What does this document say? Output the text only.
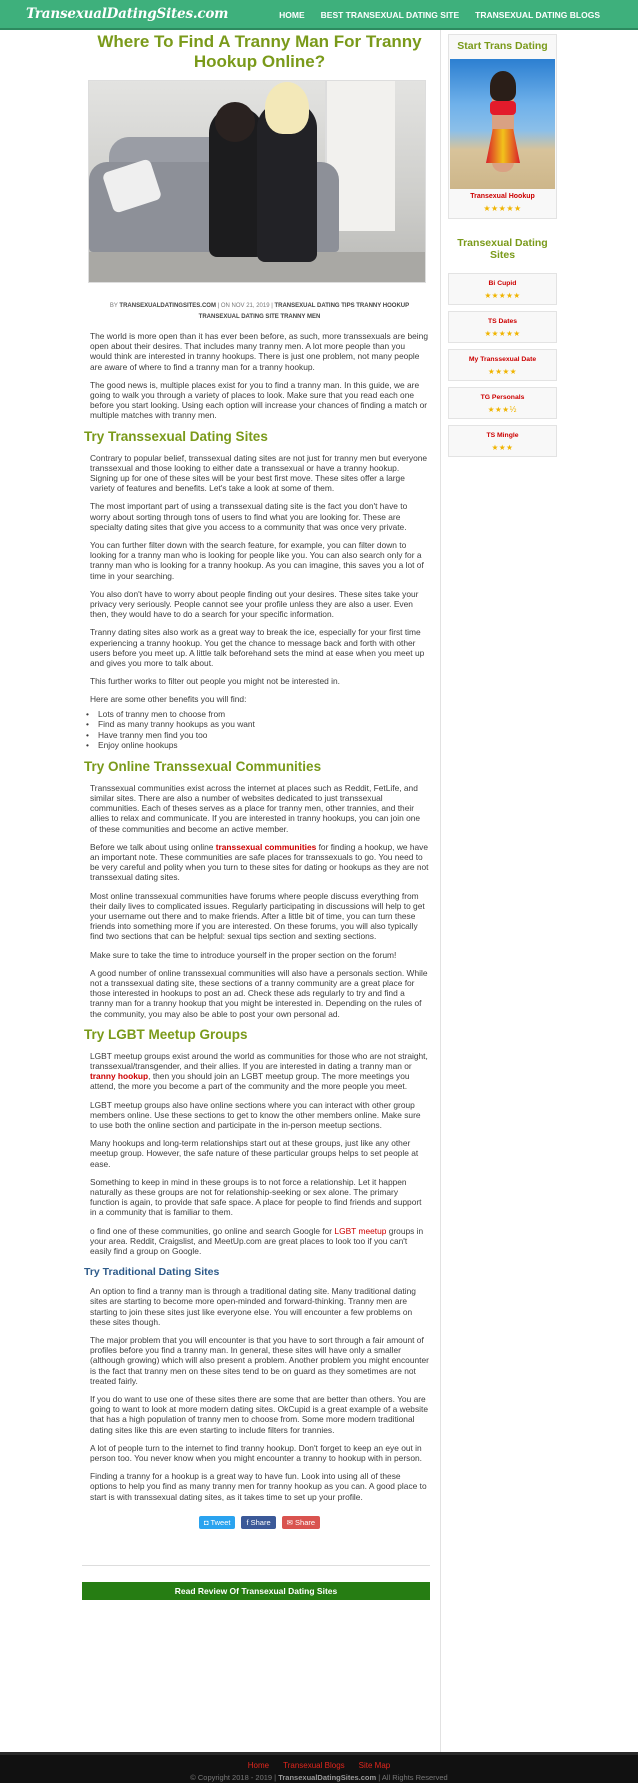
TransexualDatingSites.com	HOME BEST TRANSEXUAL DATING SITE TRANSEXUAL DATING BLOGS
Where To Find A Tranny Man For Tranny Hookup Online?
BY TRANSEXUALDATINGSITES.COM | ON NOV 21, 2019 | TRANSEXUAL DATING TIPS TRANNY HOOKUP TRANSEXUAL DATING SITE TRANNY MEN

The world is more open than it has ever been before, as such, more transsexuals are being open about their desires. That includes many tranny men. A lot more people than you would think are interested in tranny hookups. There is just one problem, not many people are aware of where to find a tranny man for a tranny hookup.

The good news is, multiple places exist for you to find a tranny man. In this guide, we are going to walk you through a variety of places to look. Make sure that you read each one before you start looking. Using each option will increase your chances of finding a match or multiple matches with tranny men.

Try Transsexual Dating Sites

Contrary to popular belief, transsexual dating sites are not just for tranny men but everyone transsexual and those looking to either date a transsexual or have a tranny hookup. Signing up for one of these sites will be your best first move. These sites offer a large variety of features and benefits. Let's take a look at some of them.

The most important part of using a transsexual dating site is the fact you don't have to worry about sorting through tons of users to find what you are looking for. These are specialty dating sites that give you access to a community that was once very private.

You can further filter down with the search feature, for example, you can filter down to looking for a tranny man who is looking for people like you. You can also search only for a tranny man who is looking for a tranny hookup. As you can imagine, this saves you a lot of time in your searching.

You also don't have to worry about people finding out your desires. These sites take your privacy very seriously. People cannot see your profile unless they are also a user. Even then, they would have to do a search for your specific information.

Tranny dating sites also work as a great way to break the ice, especially for your first time experiencing a tranny hookup. You get the chance to message back and forth with other users before you meet up. A little talk beforehand sets the mind at ease when you meet up and gives you more to talk about.

This further works to filter out people you might not be interested in.

Here are some other benefits you will find:

• Lots of tranny men to choose from
• Find as many tranny hookups as you want
• Have tranny men find you too
• Enjoy online hookups
Try Online Transsexual Communities

Transsexual communities exist across the internet at places such as Reddit, FetLife, and similar sites. There are also a number of websites dedicated to just transsexual communities. Each of theses serves as a place for tranny men, other trannies, and their allies to relax and communicate. If you are interested in tranny hookups, you can join one of these communities and become an active member.

Before we talk about using online transsexual communities for finding a hookup, we have an important note. These communities are safe places for transsexuals to go. You need to be very careful and polity when you turn to these sites for dating or hookups as they are not transsexual dating sites.

Most online transsexual communities have forums where people discuss everything from their daily lives to complicated issues. Regularly participating in discussions will help to get your username out there and to make friends. After a little bit of time, you can turn these friends into something more if you are interested. On these forums, you will also typically find two sections that can be helpful: sexual tips section and sexting sections.

Make sure to take the time to introduce yourself in the proper section on the forum!

A good number of online transsexual communities will also have a personals section. While not a transsexual dating site, these sections of a tranny community are a great place for those interested in hookups to post an ad. Check these ads regularly to try and find a tranny man for a tranny hookup that you might be interested in. Depending on the rules of the community, you may also be able to post your own personal ad.

Try LGBT Meetup Groups

LGBT meetup groups exist around the world as communities for those who are not straight, transsexual/transgender, and their allies. If you are interested in dating a tranny man or tranny hookup, then you should join an LGBT meetup group. The more meetings you attend, the more you become a part of the community and the more people you meet.

LGBT meetup groups also have online sections where you can interact with other group members online. Use these sections to get to know the other members online. Make sure to use both the online section and participate in the in-person meetup sections.

Many hookups and long-term relationships start out at these groups, just like any other meetup group. However, the safe nature of these particular groups helps to set people at ease.

Something to keep in mind in these groups is to not force a relationship. Let it happen naturally as these groups are not for relationship-seeking or sex alone. The primary function is again, to provide that safe space. A place for people to find friends and support in a community that is familiar to them.

o find one of these communities, go online and search Google for LGBT meetup groups in your area. Reddit, Craigslist, and MeetUp.com are great places to look too if you can't easily find a group on Google.

Try Traditional Dating Sites

An option to find a tranny man is through a traditional dating site. Many traditional dating sites are starting to become more open-minded and forward-thinking. Tranny men are starting to join these sites just like everyone else. You will encounter a few problems on these sites though.

The major problem that you will encounter is that you have to sort through a fair amount of profiles before you find a tranny man. In general, these sites will have only a smaller (although growing) which will also present a problem. Another problem you might encounter is the fact that tranny men on these sites tend to be on guard as they sometimes are not treated fairly.

If you do want to use one of these sites there are some that are better than others. You are going to want to look at more modern dating sites. OkCupid is a great example of a website that has a high population of tranny men to choose from. Some more modern traditional dating sites like this are even starting to include filters for trannies.

A lot of people turn to the internet to find tranny hookup. Don't forget to keep an eye out in person too. You never know when you might encounter a tranny to hookup with in person.

Finding a tranny for a hookup is a great way to have fun. Look into using all of these options to help you find as many tranny men for tranny hookup as you can. A good place to start is with transsexual dating sites, as it takes time to set up your profile.

◘ Tweet	f Share	✉ Share
Read Review Of Transexual Dating Sites
Start Trans Dating
Transexual Hookup
★★★★★
Transexual Dating Sites
Bi Cupid
★★★★★
TS Dates
★★★★★
My Transsexual Date
★★★★
TG Personals
★★★½
TS Mingle
★★★
Home Transexual Blogs Site Map
© Copyright 2018 - 2019 | TransexualDatingSites.com | All Rights Reserved
